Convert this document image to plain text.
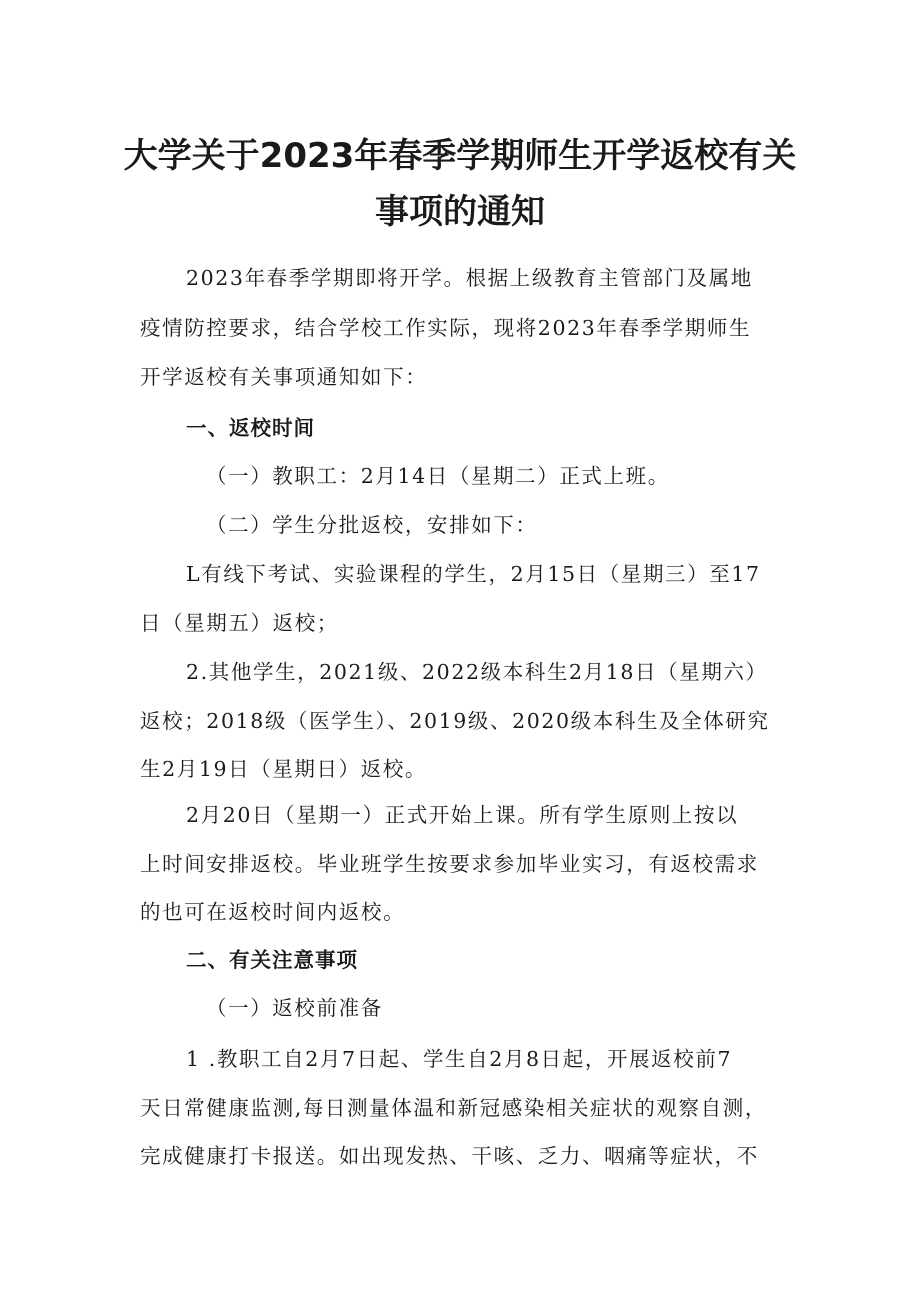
大学关于2023年春季学期师生开学返校有关
事项的通知
2023年春季学期即将开学。根据上级教育主管部门及属地
疫情防控要求，结合学校工作实际，现将2023年春季学期师生
开学返校有关事项通知如下：
一、返校时间
（一）教职工：2月14日（星期二）正式上班。
（二）学生分批返校，安排如下：
L有线下考试、实验课程的学生，2月15日（星期三）至17
日（星期五）返校；
2.其他学生，2021级、2022级本科生2月18日（星期六）
返校；2018级（医学生）、2019级、2020级本科生及全体研究
生2月19日（星期日）返校。
2月20日（星期一）正式开始上课。所有学生原则上按以
上时间安排返校。毕业班学生按要求参加毕业实习，有返校需求
的也可在返校时间内返校。
二、有关注意事项
（一）返校前准备
1 .教职工自2月7日起、学生自2月8日起，开展返校前7
天日常健康监测,每日测量体温和新冠感染相关症状的观察自测，
完成健康打卡报送。如出现发热、干咳、乏力、咽痛等症状，不
